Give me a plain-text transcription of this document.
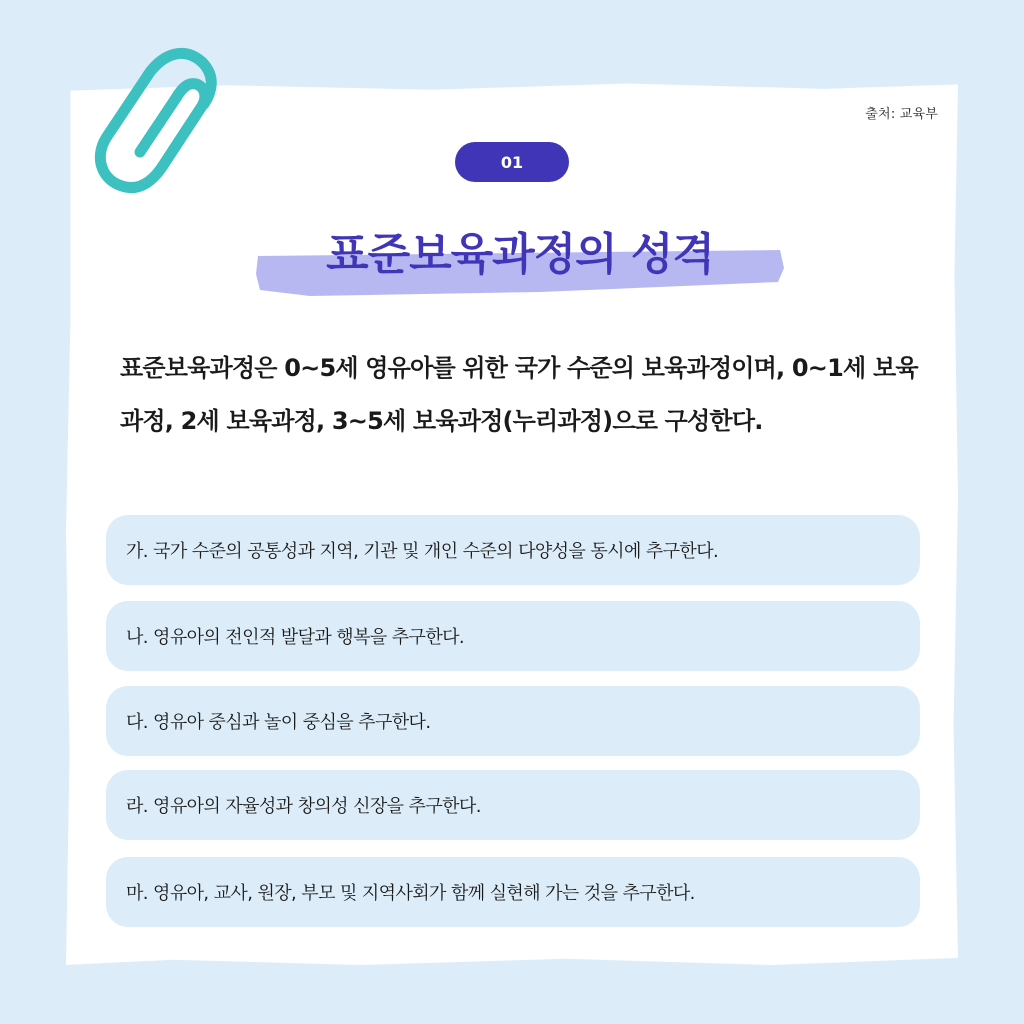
출처: 교육부
01
표준보육과정의 성격
표준보육과정은 0~5세 영유아를 위한 국가 수준의 보육과정이며, 0~1세 보육과정, 2세 보육과정, 3~5세 보육과정(누리과정)으로 구성한다.
가. 국가 수준의 공통성과 지역, 기관 및 개인 수준의 다양성을 동시에 추구한다.
나. 영유아의 전인적 발달과 행복을 추구한다.
다. 영유아 중심과 놀이 중심을 추구한다.
라. 영유아의 자율성과 창의성 신장을 추구한다.
마. 영유아, 교사, 원장, 부모 및 지역사회가 함께 실현해 가는 것을 추구한다.
